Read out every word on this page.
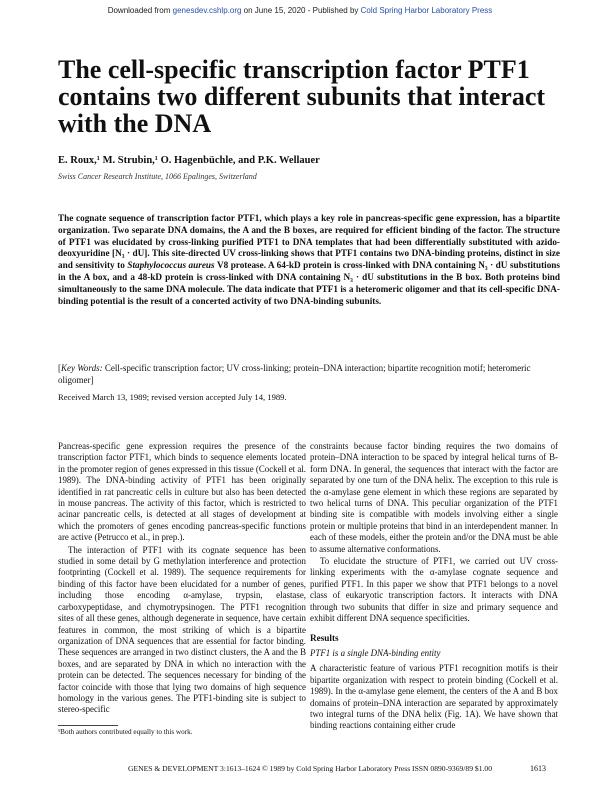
Downloaded from genesdev.cshlp.org on June 15, 2020 - Published by Cold Spring Harbor Laboratory Press
The cell-specific transcription factor PTF1 contains two different subunits that interact with the DNA
E. Roux,¹ M. Strubin,¹ O. Hagenbüchle, and P.K. Wellauer
Swiss Cancer Research Institute, 1066 Epalinges, Switzerland
The cognate sequence of transcription factor PTF1, which plays a key role in pancreas-specific gene expression, has a bipartite organization. Two separate DNA domains, the A and the B boxes, are required for efficient binding of the factor. The structure of PTF1 was elucidated by cross-linking purified PTF1 to DNA templates that had been differentially substituted with azido-deoxyuridine [N₃ · dU]. This site-directed UV cross-linking shows that PTF1 contains two DNA-binding proteins, distinct in size and sensitivity to Staphylococcus aureus V8 protease. A 64-kD protein is cross-linked with DNA containing N₃ · dU substitutions in the A box, and a 48-kD protein is cross-linked with DNA containing N₃ · dU substitutions in the B box. Both proteins bind simultaneously to the same DNA molecule. The data indicate that PTF1 is a heteromeric oligomer and that its cell-specific DNA-binding potential is the result of a concerted activity of two DNA-binding subunits.
[Key Words: Cell-specific transcription factor; UV cross-linking; protein–DNA interaction; bipartite recognition motif; heteromeric oligomer]
Received March 13, 1989; revised version accepted July 14, 1989.

Pancreas-specific gene expression requires the presence of the transcription factor PTF1, which binds to sequence elements located in the promoter region of genes expressed in this tissue (Cockell et al. 1989). The DNA-binding activity of PTF1 has been originally identified in rat pancreatic cells in culture but also has been detected in mouse pancreas. The activity of this factor, which is restricted to acinar pancreatic cells, is detected at all stages of development at which the promoters of genes encoding pancreas-specific functions are active (Petrucco et al., in prep.).

The interaction of PTF1 with its cognate sequence has been studied in some detail by G methylation interference and protection footprinting (Cockell et al. 1989). The sequence requirements for binding of this factor have been elucidated for a number of genes, including those encoding α-amylase, trypsin, elastase, carboxypeptidase, and chymotrypsinogen. The PTF1 recognition sites of all these genes, although degenerate in sequence, have certain features in common, the most striking of which is a bipartite organization of DNA sequences that are essential for factor binding. These sequences are arranged in two distinct clusters, the A and the B boxes, and are separated by DNA in which no interaction with the protein can be detected. The sequences necessary for binding of the factor coincide with those that lying two domains of high sequence homology in the various genes. The PTF1-binding site is subject to stereo-specific

constraints because factor binding requires the two domains of protein–DNA interaction to be spaced by integral helical turns of B-form DNA. In general, the sequences that interact with the factor are separated by one turn of the DNA helix. The exception to this rule is the α-amylase gene element in which these regions are separated by two helical turns of DNA. This peculiar organization of the PTF1 binding site is compatible with models involving either a single protein or multiple proteins that bind in an interdependent manner. In each of these models, either the protein and/or the DNA must be able to assume alternative conformations.

To elucidate the structure of PTF1, we carried out UV cross-linking experiments with the α-amylase cognate sequence and purified PTF1. In this paper we show that PTF1 belongs to a novel class of eukaryotic transcription factors. It interacts with DNA through two subunits that differ in size and primary sequence and exhibit different DNA sequence specificities.

Results
PTF1 is a single DNA-binding entity

A characteristic feature of various PTF1 recognition motifs is their bipartite organization with respect to protein binding (Cockell et al. 1989). In the α-amylase gene element, the centers of the A and B box domains of protein–DNA interaction are separated by approximately two integral turns of the DNA helix (Fig. 1A). We have shown that binding reactions containing either crude

¹Both authors contributed equally to this work.
GENES & DEVELOPMENT 3:1613–1624 © 1989 by Cold Spring Harbor Laboratory Press ISSN 0890-9369/89 $1.00	1613
